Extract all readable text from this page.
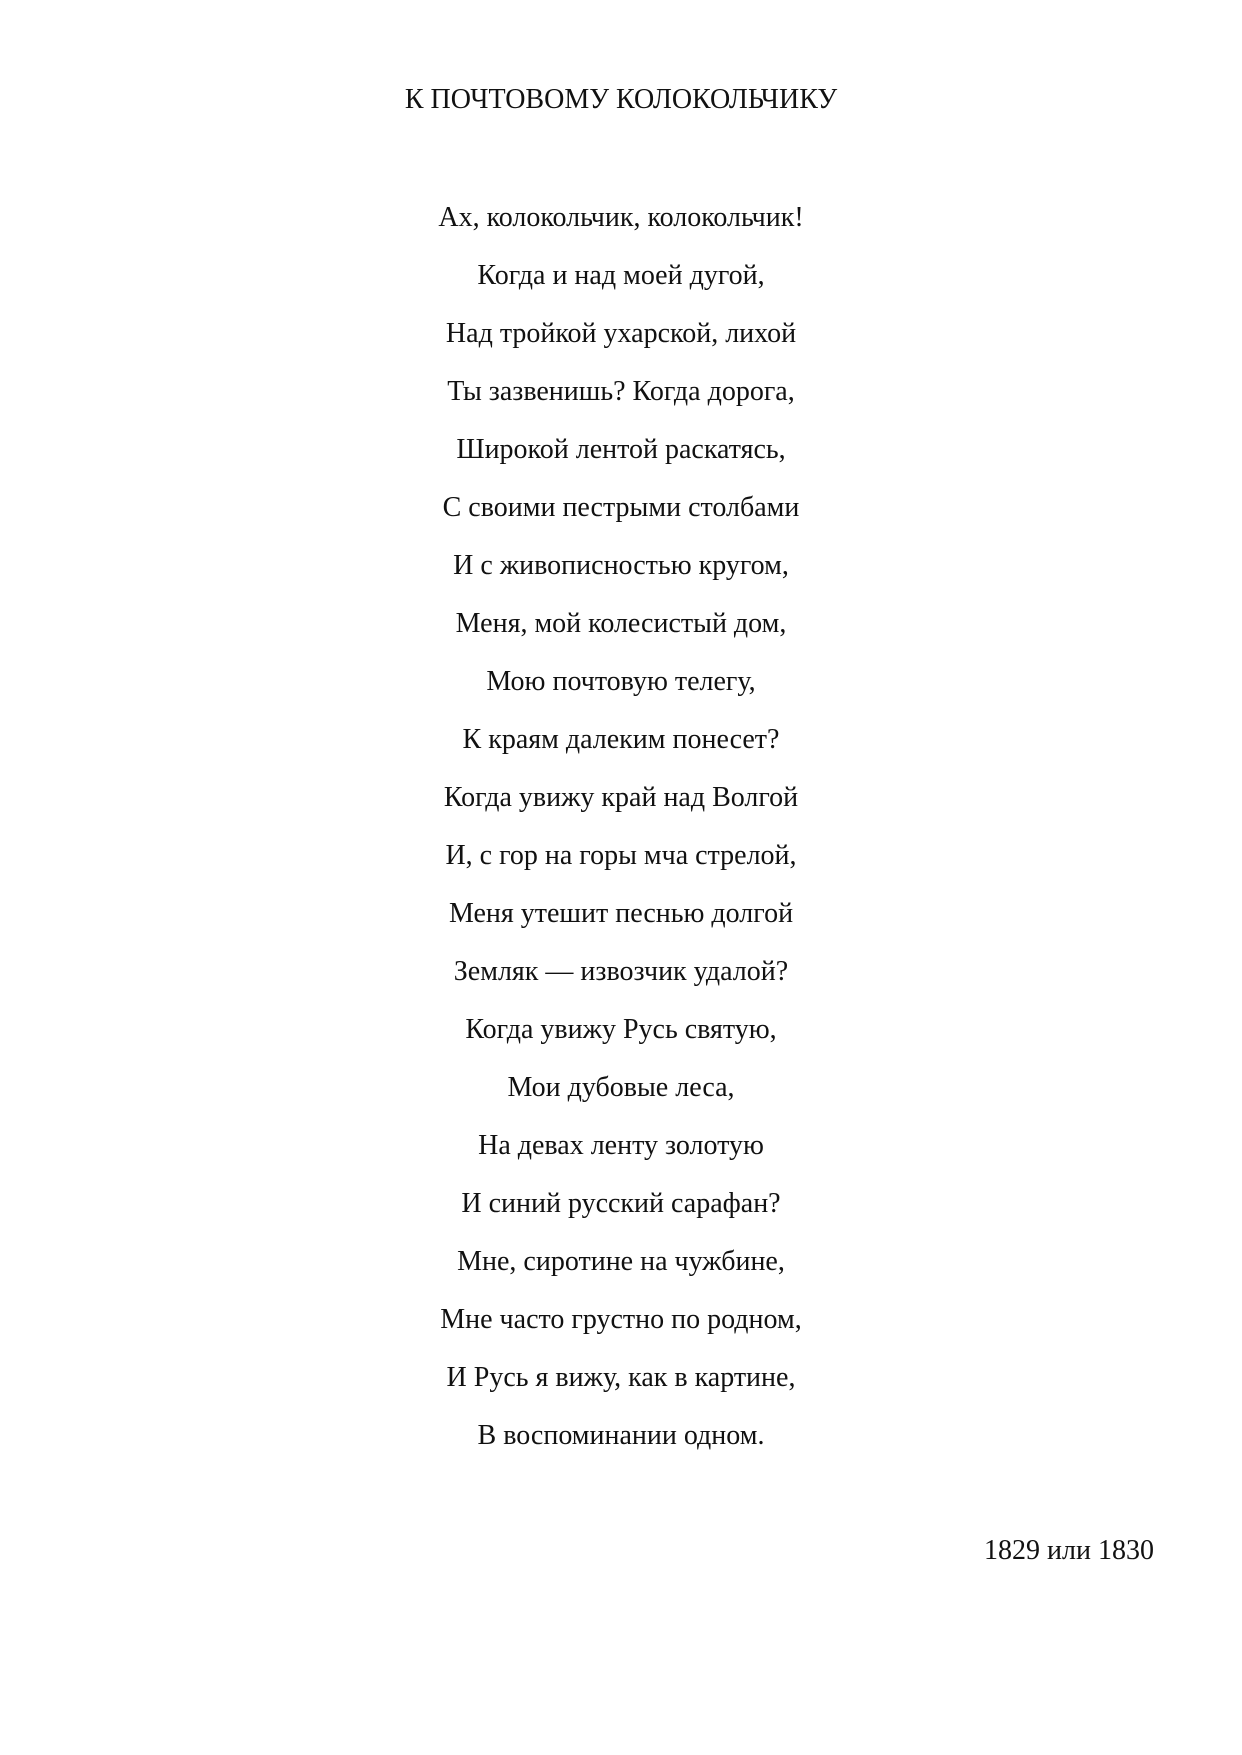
К ПОЧТОВОМУ КОЛОКОЛЬЧИКУ
Ах, колокольчик, колокольчик!
Когда и над моей дугой,
Над тройкой ухарской, лихой
Ты зазвенишь? Когда дорога,
Широкой лентой раскатясь,
С своими пестрыми столбами
И с живописностью кругом,
Меня, мой колесистый дом,
Мою почтовую телегу,
К краям далеким понесет?
Когда увижу край над Волгой
И, с гор на горы мча стрелой,
Меня утешит песнью долгой
Земляк — извозчик удалой?
Когда увижу Русь святую,
Мои дубовые леса,
На девах ленту золотую
И синий русский сарафан?
Мне, сиротине на чужбине,
Мне часто грустно по родном,
И Русь я вижу, как в картине,
В воспоминании одном.
1829 или 1830
